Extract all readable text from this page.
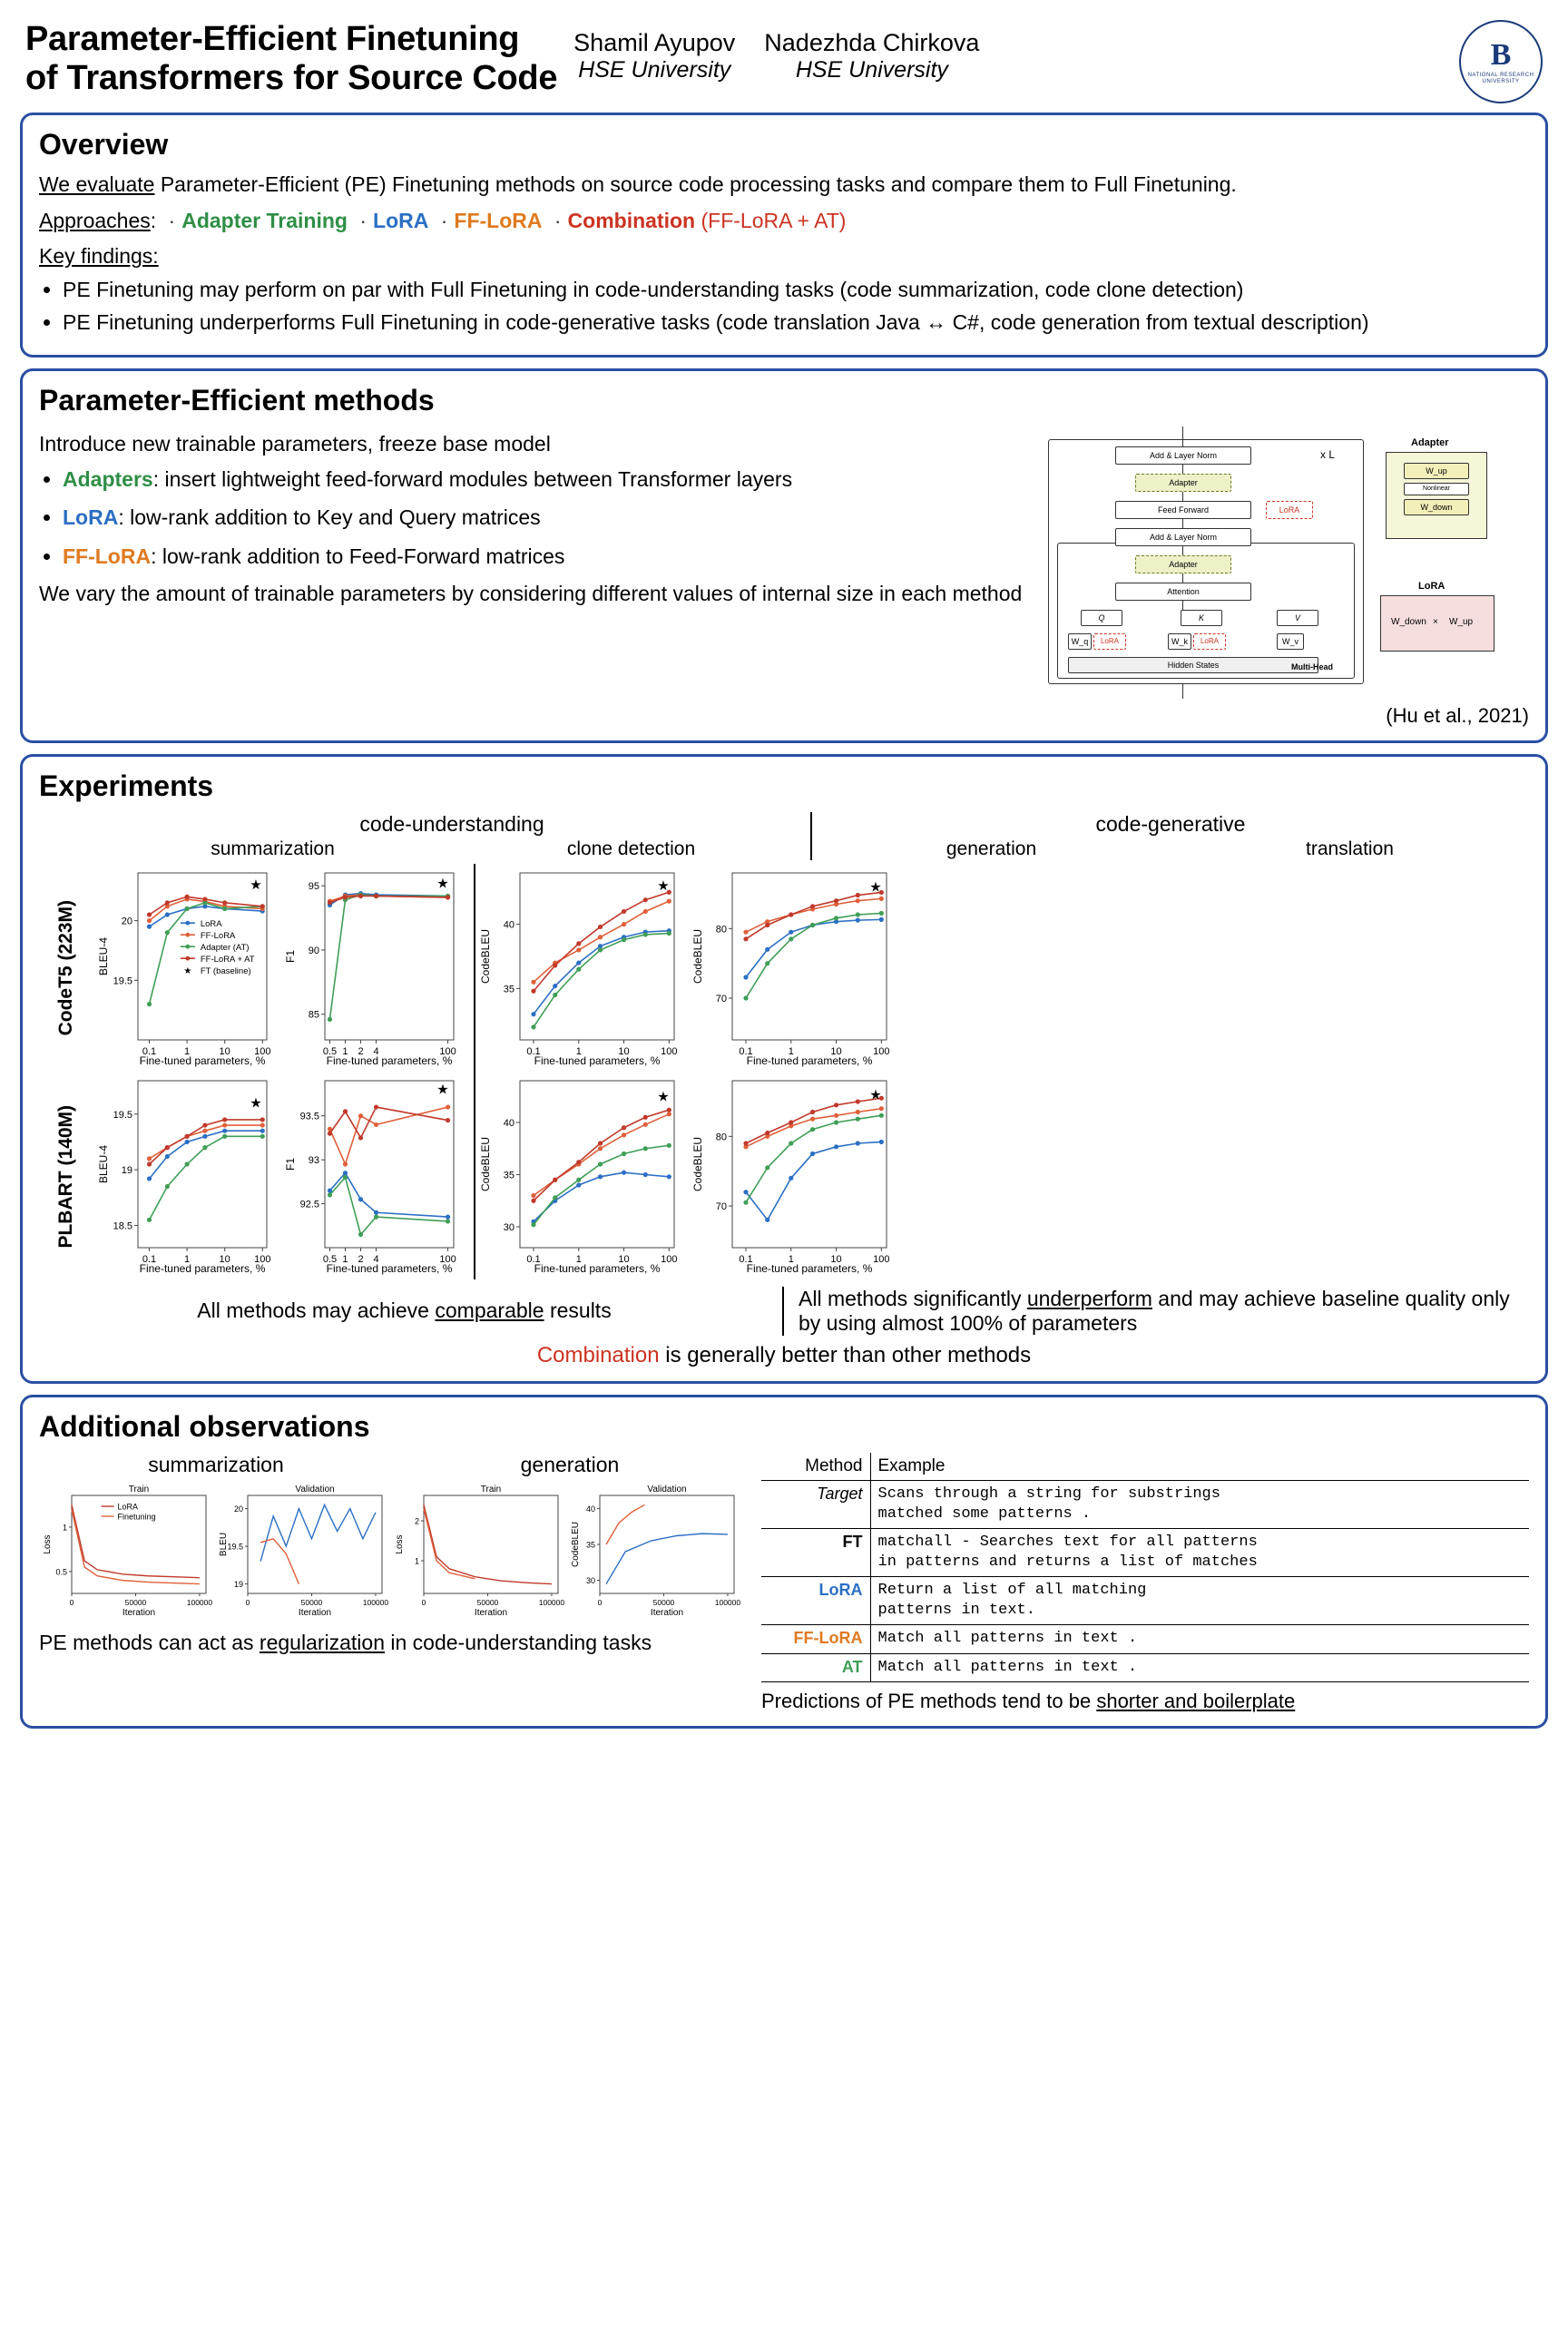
Parameter-Efficient Finetuning
of Transformers for Source Code
Shamil Ayupov
HSE University
Nadezhda Chirkova
HSE University	B
NATIONAL RESEARCH UNIVERSITY
Overview
We evaluate Parameter-Efficient (PE) Finetuning methods on source code processing tasks and compare them to Full Finetuning.
Approaches: · Adapter Training · LoRA · FF-LoRA · Combination (FF-LoRA + AT)
Key findings:
• PE Finetuning may perform on par with Full Finetuning in code-understanding tasks (code summarization, code clone detection)
• PE Finetuning underperforms Full Finetuning in code-generative tasks (code translation Java ↔ C#, code generation from textual description)
Parameter-Efficient methods

Introduce new trainable parameters, freeze base model

• Adapters: insert lightweight feed-forward modules between Transformer layers
• LoRA: low-rank addition to Key and Query matrices
• FF-LoRA: low-rank addition to Feed-Forward matrices

We vary the amount of trainable parameters by considering different values of internal size in each method

Add & Layer Norm
Adapter
Feed Forward	LoRA
Add & Layer Norm
Adapter
Attention
Q	K	V
W_q	LoRA	W_k	LoRA	W_v
Hidden States	Multi-Head
x L
Adapter
W_up
Nonlinear
W_down
LoRA
W_down × W_up
(Hu et al., 2021)
Experiments
code-understanding
summarization	clone detection
code-generative
generation	translation
CodeT5 (223M)
PLBART (140M)
19.5
20
0.1	1	10 100
BLEU-4
Fine-tuned parameters, %
★
LoRA
FF-LoRA
Adapter (AT)
FF-LoRA + AT
★ FT (baseline)
85
90
95
0.5 1 2 4	100
F1
Fine-tuned parameters, %
★
35
40
0.1	1	10	100
CodeBLEU
Fine-tuned parameters, %
★
70
80
0.1	1	10	100
CodeBLEU
Fine-tuned parameters, %
★
18.5
19
19.5
0.1	1	10 100
BLEU-4
Fine-tuned parameters, %
★
92.5
93
93.5
0.5 1 2 4	100
F1
Fine-tuned parameters, %
★
30
35
40
0.1	1	10	100
CodeBLEU
Fine-tuned parameters, %
★
70
80
0.1	1	10	100
CodeBLEU
Fine-tuned parameters, %
★
All methods may achieve comparable results
All methods significantly underperform and may achieve baseline quality only by using almost 100% of parameters
Combination is generally better than other methods
Additional observations
summarization	generation
Train
0.5
1
0	50000	100000
Loss
Iteration
LoRA
Finetuning
Validation
19
19.5
20
0	50000	100000
BLEU
Iteration
Train
1
2
0	50000	100000
Loss
Iteration
Validation
30
35
40
0	50000	100000
CodeBLEU
Iteration
PE methods can act as regularization in code-understanding tasks
Method	Example
Target	Scans through a string for substrings
matched some patterns .
FT	matchall - Searches text for all patterns
in patterns and returns a list of matches
LoRA	Return a list of all matching
patterns in text.
FF-LoRA	Match all patterns in text .
AT	Match all patterns in text .
Predictions of PE methods tend to be shorter and boilerplate
